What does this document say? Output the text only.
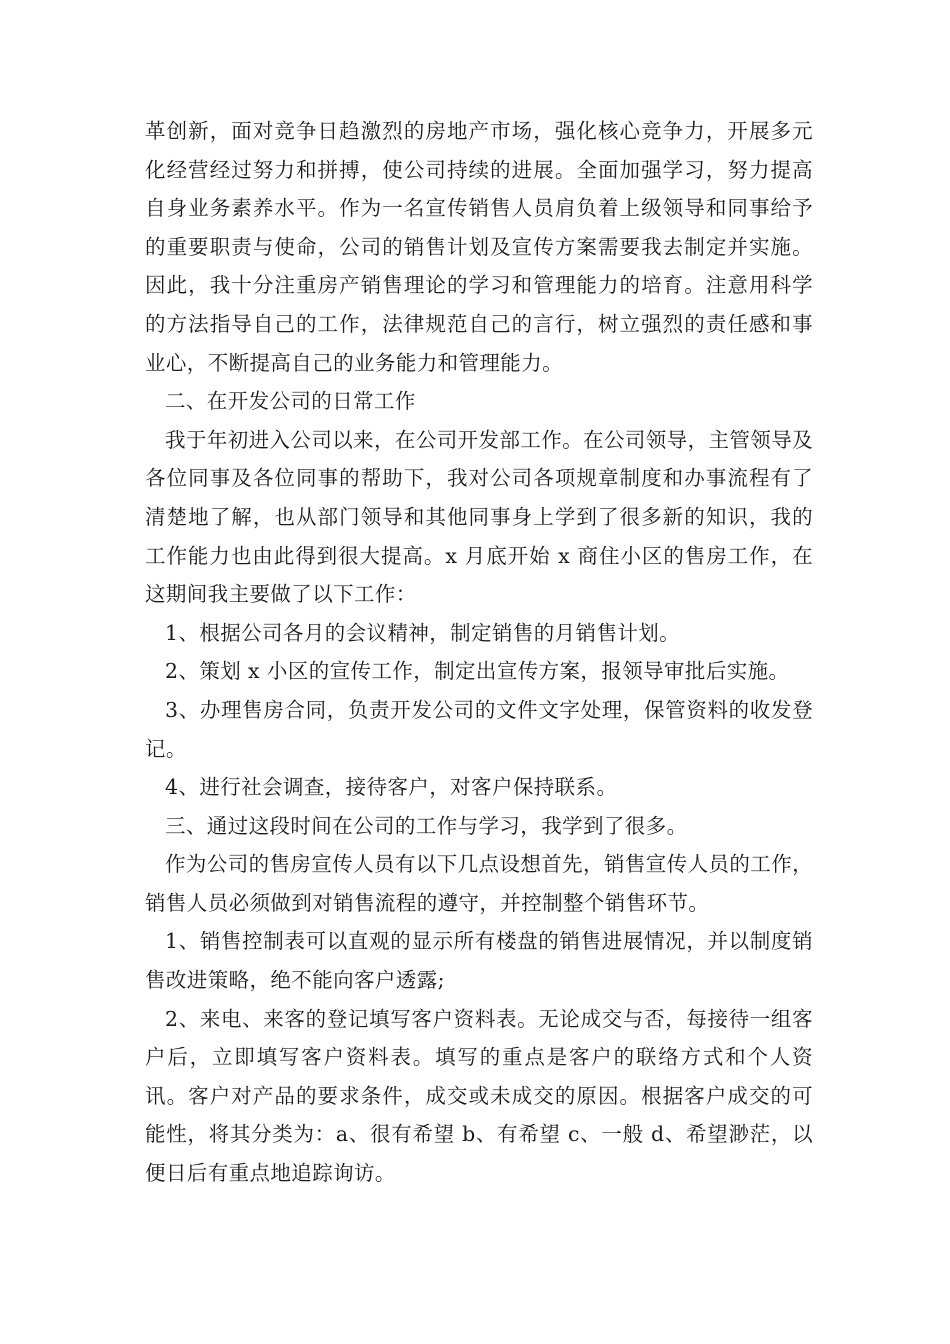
革创新，面对竞争日趋激烈的房地产市场，强化核心竞争力，开展多元化经营经过努力和拼搏，使公司持续的进展。全面加强学习，努力提高自身业务素养水平。作为一名宣传销售人员肩负着上级领导和同事给予的重要职责与使命，公司的销售计划及宣传方案需要我去制定并实施。因此，我十分注重房产销售理论的学习和管理能力的培育。注意用科学的方法指导自己的工作，法律规范自己的言行，树立强烈的责任感和事业心，不断提高自己的业务能力和管理能力。

二、在开发公司的日常工作

我于年初进入公司以来，在公司开发部工作。在公司领导，主管领导及各位同事及各位同事的帮助下，我对公司各项规章制度和办事流程有了清楚地了解，也从部门领导和其他同事身上学到了很多新的知识，我的工作能力也由此得到很大提高。x 月底开始 x 商住小区的售房工作，在这期间我主要做了以下工作：

1、根据公司各月的会议精神，制定销售的月销售计划。

2、策划 x 小区的宣传工作，制定出宣传方案，报领导审批后实施。

3、办理售房合同，负责开发公司的文件文字处理，保管资料的收发登记。

4、进行社会调查，接待客户，对客户保持联系。

三、通过这段时间在公司的工作与学习，我学到了很多。

作为公司的售房宣传人员有以下几点设想首先，销售宣传人员的工作，销售人员必须做到对销售流程的遵守，并控制整个销售环节。

1、销售控制表可以直观的显示所有楼盘的销售进展情况，并以制度销售改进策略，绝不能向客户透露;

2、来电、来客的登记填写客户资料表。无论成交与否，每接待一组客户后，立即填写客户资料表。填写的重点是客户的联络方式和个人资讯。客户对产品的要求条件，成交或未成交的原因。根据客户成交的可能性，将其分类为：a、很有希望 b、有希望 c、一般 d、希望渺茫，以便日后有重点地追踪询访。
